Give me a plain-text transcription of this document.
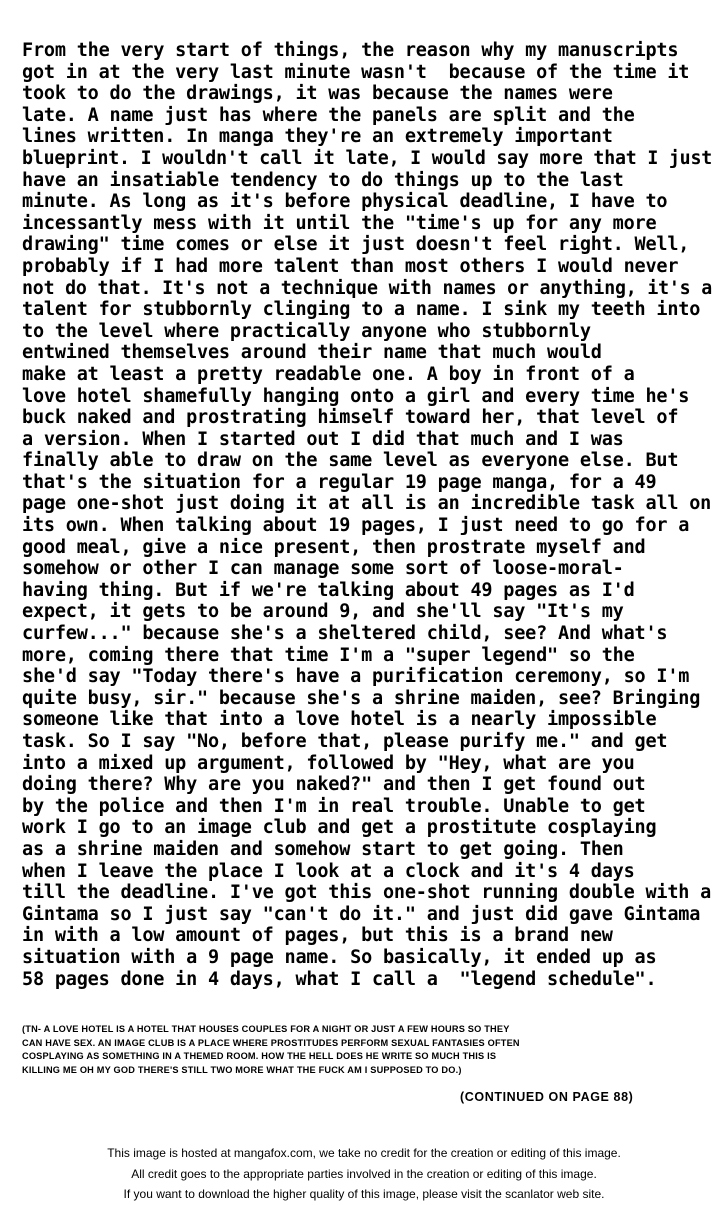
From the very start of things, the reason why my manuscripts
got in at the very last minute wasn't  because of the time it
took to do the drawings, it was because the names were
late. A name just has where the panels are split and the
lines written. In manga they're an extremely important
blueprint. I wouldn't call it late, I would say more that I just
have an insatiable tendency to do things up to the last
minute. As long as it's before physical deadline, I have to
incessantly mess with it until the "time's up for any more
drawing" time comes or else it just doesn't feel right. Well,
probably if I had more talent than most others I would never
not do that. It's not a technique with names or anything, it's a
talent for stubbornly clinging to a name. I sink my teeth into
to the level where practically anyone who stubbornly
entwined themselves around their name that much would
make at least a pretty readable one. A boy in front of a
love hotel shamefully hanging onto a girl and every time he's
buck naked and prostrating himself toward her, that level of
a version. When I started out I did that much and I was
finally able to draw on the same level as everyone else. But
that's the situation for a regular 19 page manga, for a 49
page one-shot just doing it at all is an incredible task all on
its own. When talking about 19 pages, I just need to go for a
good meal, give a nice present, then prostrate myself and
somehow or other I can manage some sort of loose-moral-
having thing. But if we're talking about 49 pages as I'd
expect, it gets to be around 9, and she'll say "It's my
curfew..." because she's a sheltered child, see? And what's
more, coming there that time I'm a "super legend" so the
she'd say "Today there's have a purification ceremony, so I'm
quite busy, sir." because she's a shrine maiden, see? Bringing
someone like that into a love hotel is a nearly impossible
task. So I say "No, before that, please purify me." and get
into a mixed up argument, followed by "Hey, what are you
doing there? Why are you naked?" and then I get found out
by the police and then I'm in real trouble. Unable to get
work I go to an image club and get a prostitute cosplaying
as a shrine maiden and somehow start to get going. Then
when I leave the place I look at a clock and it's 4 days
till the deadline. I've got this one-shot running double with a
Gintama so I just say "can't do it." and just did gave Gintama
in with a low amount of pages, but this is a brand new
situation with a 9 page name. So basically, it ended up as
58 pages done in 4 days, what I call a  "legend schedule".
(TN- A LOVE HOTEL IS A HOTEL THAT HOUSES COUPLES FOR A NIGHT OR JUST A FEW HOURS SO THEY
CAN HAVE SEX. AN IMAGE CLUB IS A PLACE WHERE PROSTITUDES PERFORM SEXUAL FANTASIES OFTEN
COSPLAYING AS SOMETHING IN A THEMED ROOM. HOW THE HELL DOES HE WRITE SO MUCH THIS IS
KILLING ME OH MY GOD THERE'S STILL TWO MORE WHAT THE FUCK AM I SUPPOSED TO DO.)
(CONTINUED ON PAGE 88)
This image is hosted at mangafox.com, we take no credit for the creation or editing of this image.
All credit goes to the appropriate parties involved in the creation or editing of this image.
If you want to download the higher quality of this image, please visit the scanlator web site.
